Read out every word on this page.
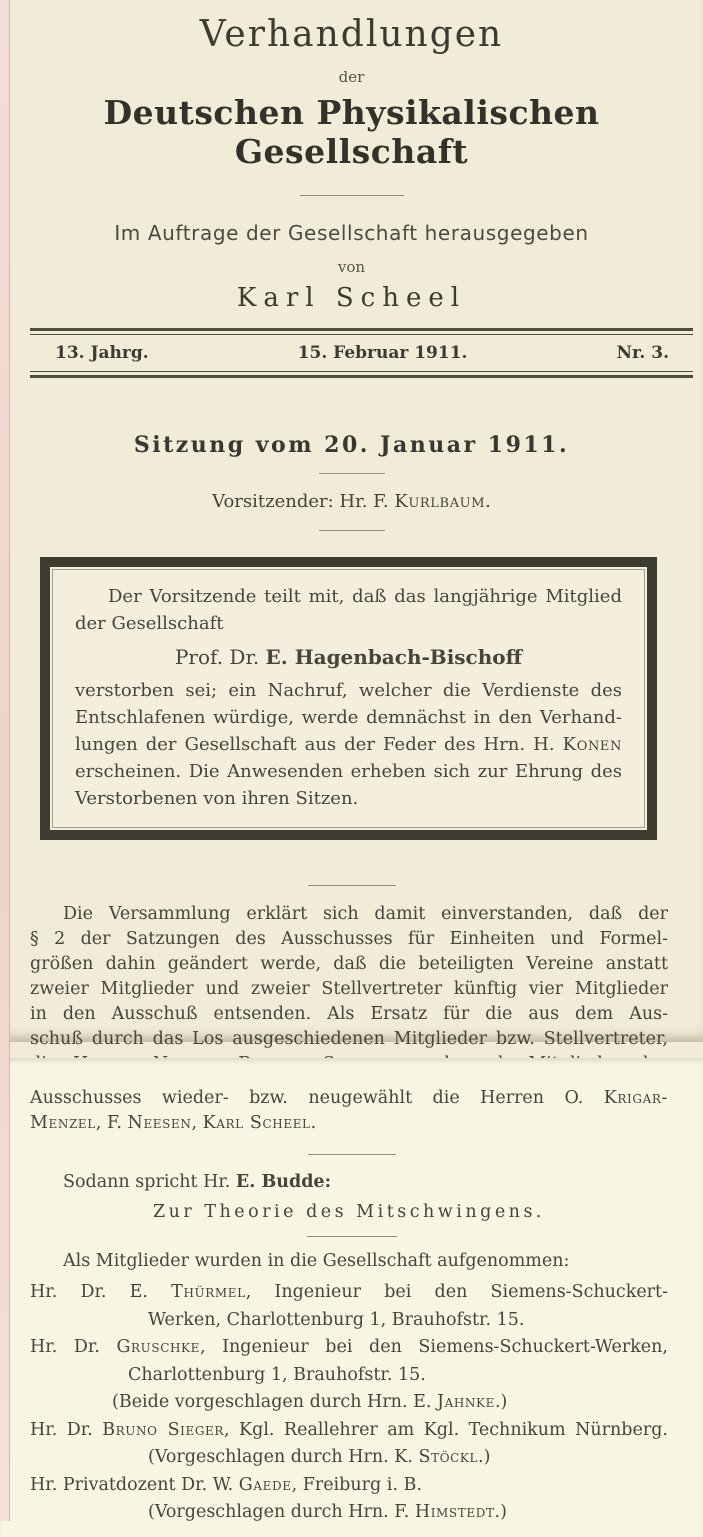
Verhandlungen
der
Deutschen Physikalischen Gesellschaft
Im Auftrage der Gesellschaft herausgegeben
von
Karl Scheel
13. Jahrg.	15. Februar 1911.	Nr. 3.
Sitzung vom 20. Januar 1911.
Vorsitzender: Hr. F. Kurlbaum.
Der Vorsitzende teilt mit, daß das langjährige Mitglied
der Gesellschaft
Prof. Dr. E. Hagenbach-Bischoff
verstorben sei; ein Nachruf, welcher die Verdienste des
Entschlafenen würdige, werde demnächst in den Verhand-
lungen der Gesellschaft aus der Feder des Hrn. H. Konen
erscheinen. Die Anwesenden erheben sich zur Ehrung des
Verstorbenen von ihren Sitzen.
Die Versammlung erklärt sich damit einverstanden, daß der
§ 2 der Satzungen des Ausschusses für Einheiten und Formel-
größen dahin geändert werde, daß die beteiligten Vereine anstatt
zweier Mitglieder und zweier Stellvertreter künftig vier Mitglieder
in den Ausschuß entsenden. Als Ersatz für die aus dem Aus-
schuß durch das Los ausgeschiedenen Mitglieder bzw. Stellvertreter,
Ausschusses wieder- bzw. neugewählt die Herren O. Krigar-
Menzel, F. Neesen, Karl Scheel.
Sodann spricht Hr. E. Budde:
Zur Theorie des Mitschwingens.
Als Mitglieder wurden in die Gesellschaft aufgenommen:
Hr. Dr. E. Thürmel, Ingenieur bei den Siemens-Schuckert-
Werken, Charlottenburg 1, Brauhofstr. 15.
Hr. Dr. Gruschke, Ingenieur bei den Siemens-Schuckert-Werken,
Charlottenburg 1, Brauhofstr. 15.
(Beide vorgeschlagen durch Hrn. E. Jahnke.)
Hr. Dr. Bruno Sieger, Kgl. Reallehrer am Kgl. Technikum Nürnberg.
(Vorgeschlagen durch Hrn. K. Stöckl.)
Hr. Privatdozent Dr. W. Gaede, Freiburg i. B.
(Vorgeschlagen durch Hrn. F. Himstedt.)
